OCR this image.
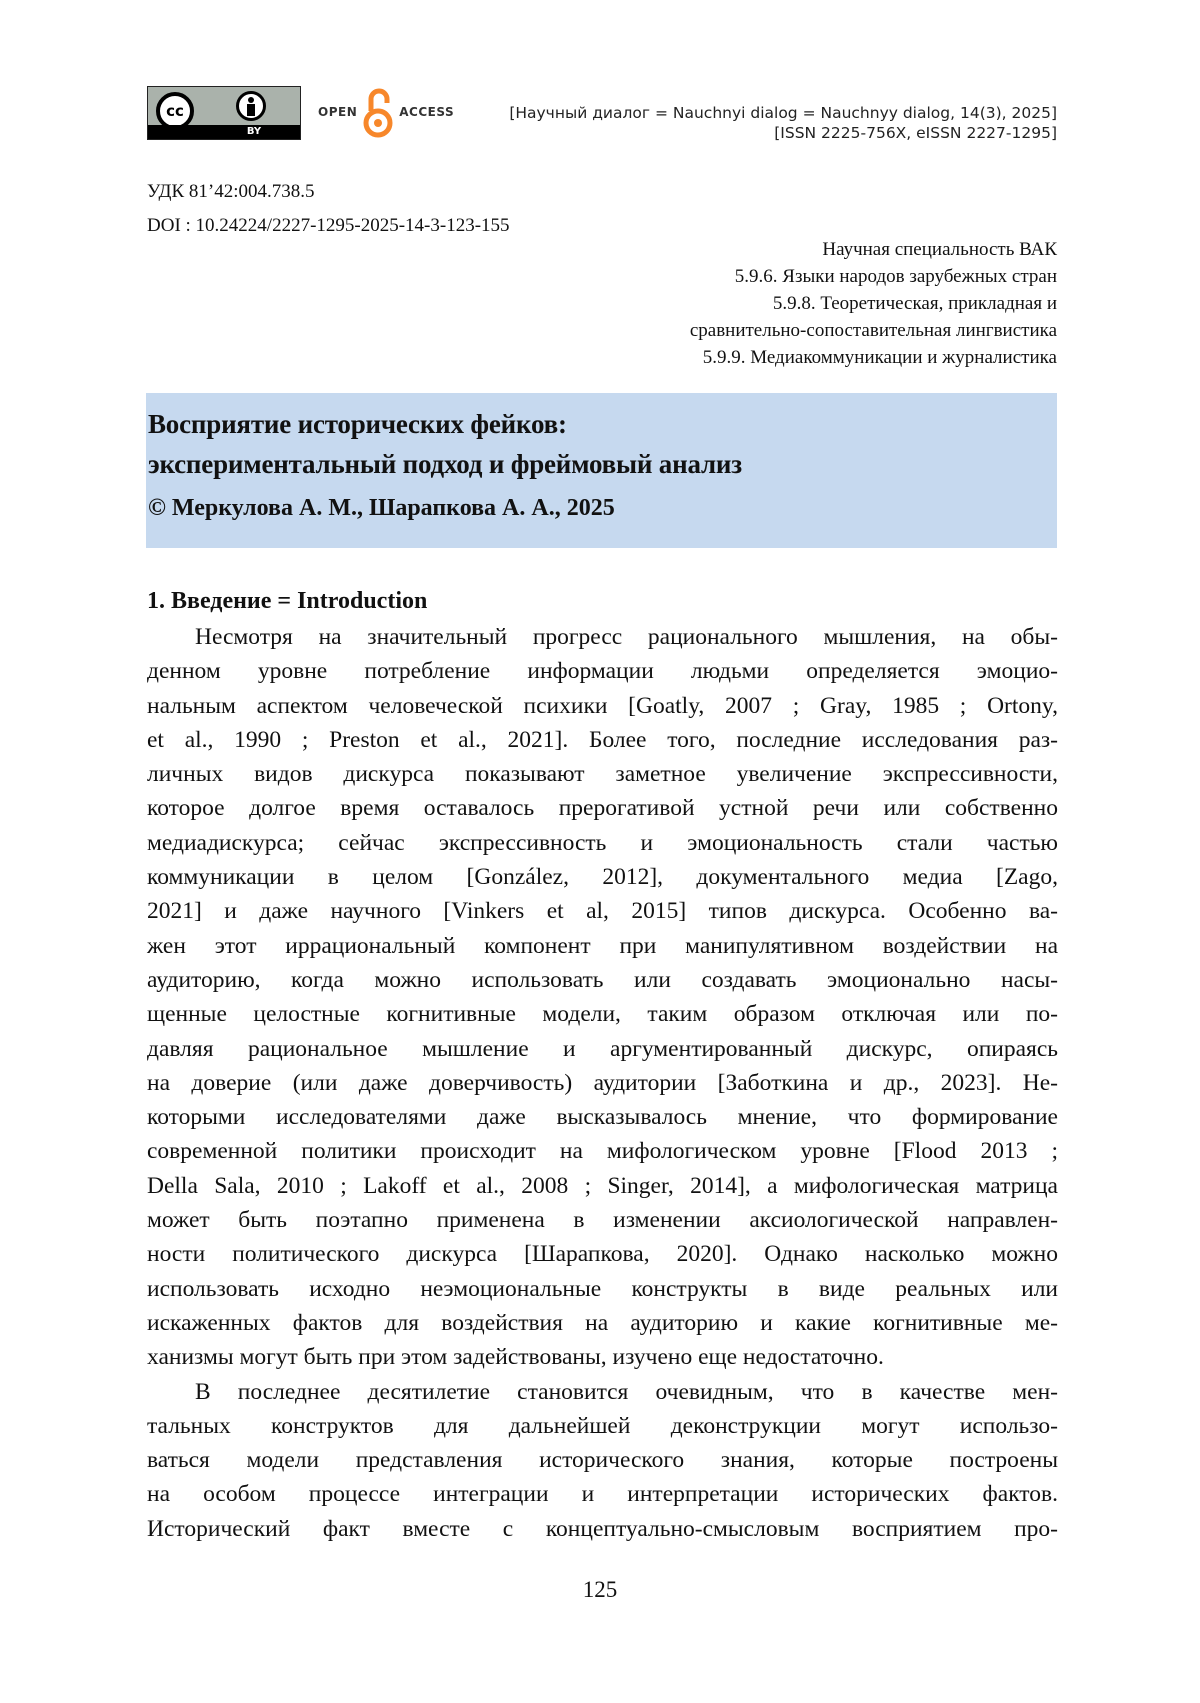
cc
BY
OPEN	ACCESS	[Научный диалог = Nauchnyi dialog = Nauchnyy dialog, 14(3), 2025]
[ISSN 2225-756X, eISSN 2227-1295]
УДК 81’42:004.738.5
DOI : 10.24224/2227-1295-2025-14-3-123-155
Научная специальность ВАК
5.9.6. Языки народов зарубежных стран
5.9.8. Теоретическая, прикладная и
сравнительно-сопоставительная лингвистика
5.9.9. Медиакоммуникации и журналистика
Восприятие исторических фейков:
экспериментальный подход и фреймовый анализ
© Меркулова А. М., Шарапкова А. А., 2025
1. Введение = Introduction
Несмотря на значительный прогресс рационального мышления, на обы-
денном уровне потребление информации людьми определяется эмоцио-
нальным аспектом человеческой психики [Goatly, 2007 ; Gray, 1985 ; Ortony,
et al., 1990 ; Preston et al., 2021]. Более того, последние исследования раз-
личных видов дискурса показывают заметное увеличение экспрессивности,
которое долгое время оставалось прерогативой устной речи или собственно
медиадискурса; сейчас экспрессивность и эмоциональность стали частью
коммуникации в целом [González, 2012], документального медиа [Zago,
2021] и даже научного [Vinkers et al, 2015] типов дискурса. Особенно ва-
жен этот иррациональный компонент при манипулятивном воздействии на
аудиторию, когда можно использовать или создавать эмоционально насы-
щенные целостные когнитивные модели, таким образом отключая или по-
давляя рациональное мышление и аргументированный дискурс, опираясь
на доверие (или даже доверчивость) аудитории [Заботкина и др., 2023]. Не-
которыми исследователями даже высказывалось мнение, что формирование
современной политики происходит на мифологическом уровне [Flood 2013 ;
Della Sala, 2010 ; Lakoff et al., 2008 ; Singer, 2014], а мифологическая матрица
может быть поэтапно применена в изменении аксиологической направлен-
ности политического дискурса [Шарапкова, 2020]. Однако насколько можно
использовать исходно неэмоциональные конструкты в виде реальных или
искаженных фактов для воздействия на аудиторию и какие когнитивные ме-
ханизмы могут быть при этом задействованы, изучено еще недостаточно.
В последнее десятилетие становится очевидным, что в качестве мен-
тальных конструктов для дальнейшей деконструкции могут использо-
ваться модели представления исторического знания, которые построены
на особом процессе интеграции и интерпретации исторических фактов.
Исторический факт вместе с концептуально-смысловым восприятием про-
125
